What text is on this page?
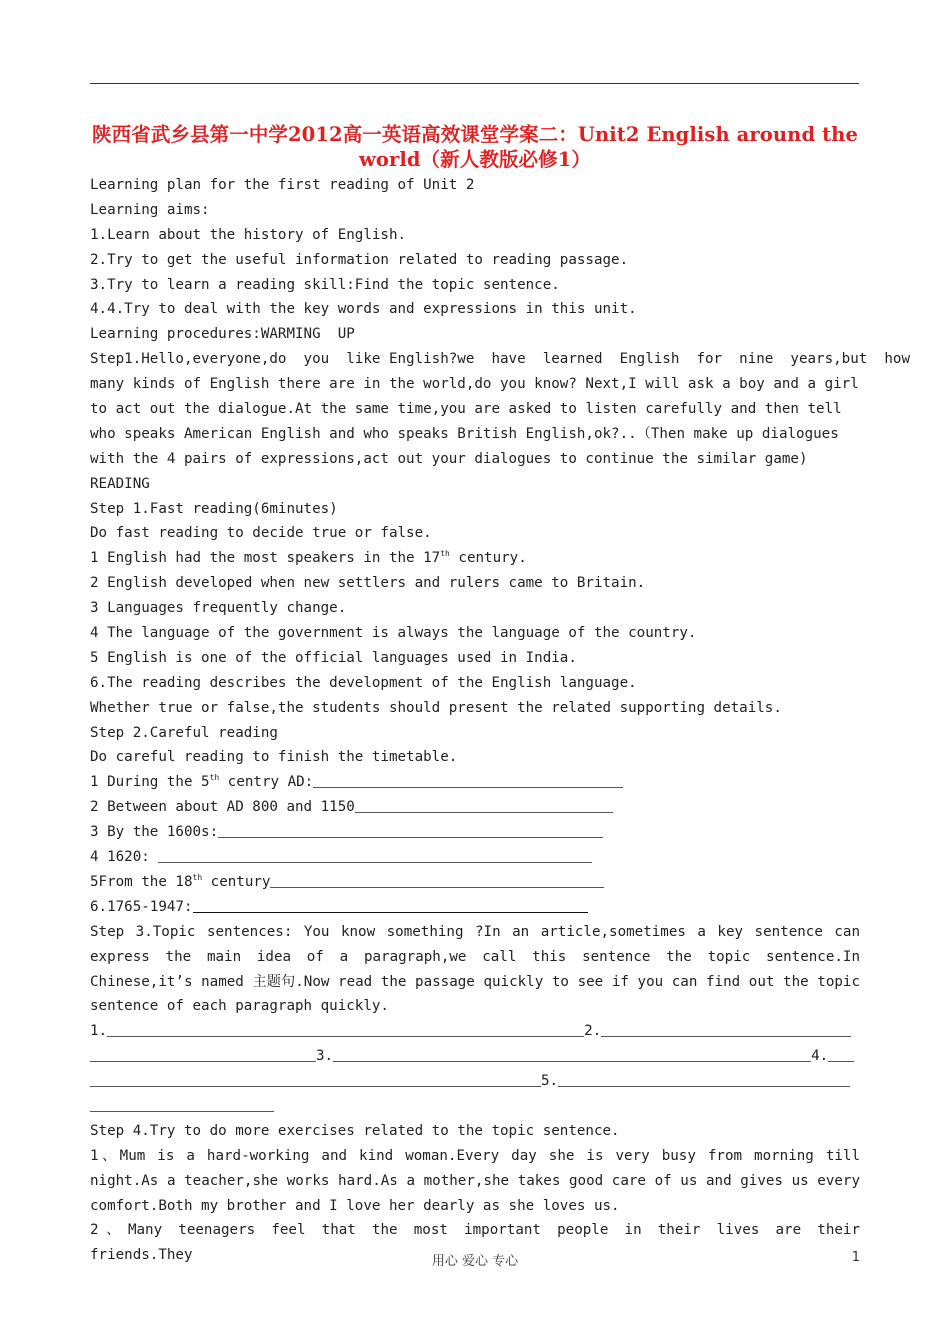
陕西省武乡县第一中学2012高一英语高效课堂学案二：Unit2 English around the world（新人教版必修1）
Learning plan for the first reading of Unit 2
Learning aims:
1.Learn about the history of English.
2.Try to get the useful information related to reading passage.
3.Try to learn a reading skill:Find the topic sentence.
4.4.Try to deal with the key words and expressions in this unit.
Learning procedures:WARMING  UP
Step1.Hello,everyone,do  you  like English?we  have  learned  English  for  nine  years,but  how
many kinds of English there are in the world,do you know? Next,I will ask a boy and a girl
to act out the dialogue.At the same time,you are asked to listen carefully and then tell
who speaks American English and who speaks British English,ok?..（Then make up dialogues
with the 4 pairs of expressions,act out your dialogues to continue the similar game)
READING
Step 1.Fast reading(6minutes)
Do fast reading to decide true or false.
1 English had the most speakers in the 17th century.
2 English developed when new settlers and rulers came to Britain.
3 Languages frequently change.
4 The language of the government is always the language of the country.
5 English is one of the official languages used in India.
6.The reading describes the development of the English language.
Whether true or false,the students should present the related supporting details.
Step 2.Careful reading
Do careful reading to finish the timetable.
1 During the 5th centry AD:
2 Between about AD 800 and 1150
3 By the 1600s:
4 1620:
5From the 18th century
6.1765-1947:
Step 3.Topic sentences: You know something ?In an article,sometimes a key sentence can
express the main idea of a paragraph,we call this sentence the topic sentence.In
Chinese,it’s named 主题句.Now read the passage quickly to see if you can find out the topic
sentence of each paragraph quickly.
1.	2.
3.	4.
5.
Step 4.Try to do more exercises related to the topic sentence.
1、Mum is a hard-working and kind woman.Every day she is very busy from morning till
night.As a teacher,she works hard.As a mother,she takes good care of us and gives us every
comfort.Both my brother and I love her dearly as she loves us.
2、Many teenagers feel that the most important people in their lives are their friends.They	用心 爱心 专心	1
